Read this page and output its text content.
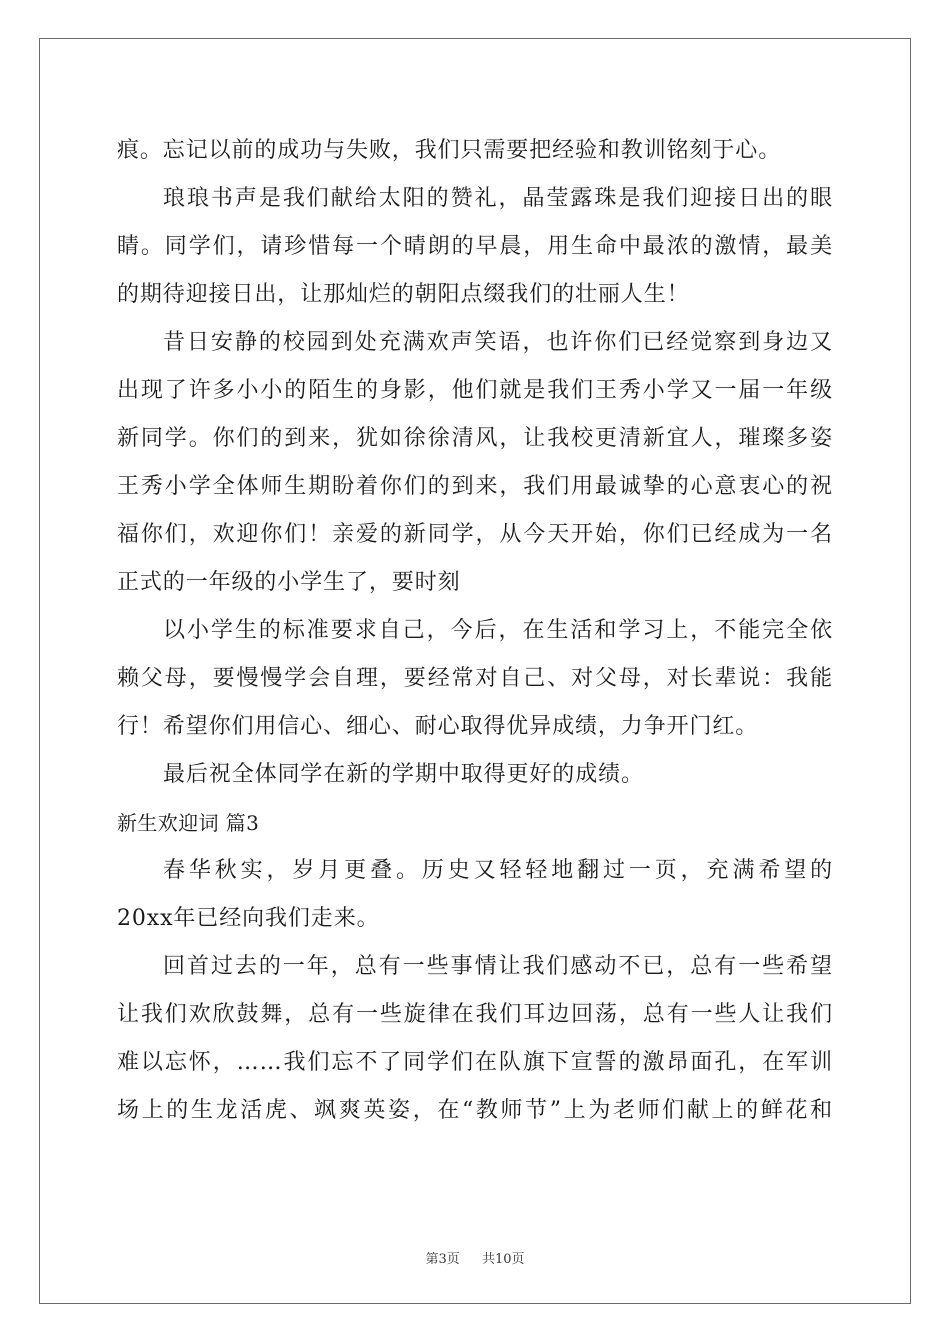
痕。忘记以前的成功与失败，我们只需要把经验和教训铭刻于心。
琅琅书声是我们献给太阳的赞礼，晶莹露珠是我们迎接日出的眼
睛。同学们，请珍惜每一个晴朗的早晨，用生命中最浓的激情，最美
的期待迎接日出，让那灿烂的朝阳点缀我们的壮丽人生！
昔日安静的校园到处充满欢声笑语，也许你们已经觉察到身边又
出现了许多小小的陌生的身影，他们就是我们王秀小学又一届一年级
新同学。你们的到来，犹如徐徐清风，让我校更清新宜人，璀璨多姿
王秀小学全体师生期盼着你们的到来，我们用最诚挚的心意衷心的祝
福你们，欢迎你们！亲爱的新同学，从今天开始，你们已经成为一名
正式的一年级的小学生了，要时刻
以小学生的标准要求自己，今后，在生活和学习上，不能完全依
赖父母，要慢慢学会自理，要经常对自己、对父母，对长辈说：我能
行！希望你们用信心、细心、耐心取得优异成绩，力争开门红。
最后祝全体同学在新的学期中取得更好的成绩。
新生欢迎词 篇3
春华秋实，岁月更叠。历史又轻轻地翻过一页，充满希望的
20xx年已经向我们走来。
回首过去的一年，总有一些事情让我们感动不已，总有一些希望
让我们欢欣鼓舞，总有一些旋律在我们耳边回荡，总有一些人让我们
难以忘怀，……我们忘不了同学们在队旗下宣誓的激昂面孔，在军训
场上的生龙活虎、飒爽英姿，在“教师节”上为老师们献上的鲜花和
第3页 共10页
